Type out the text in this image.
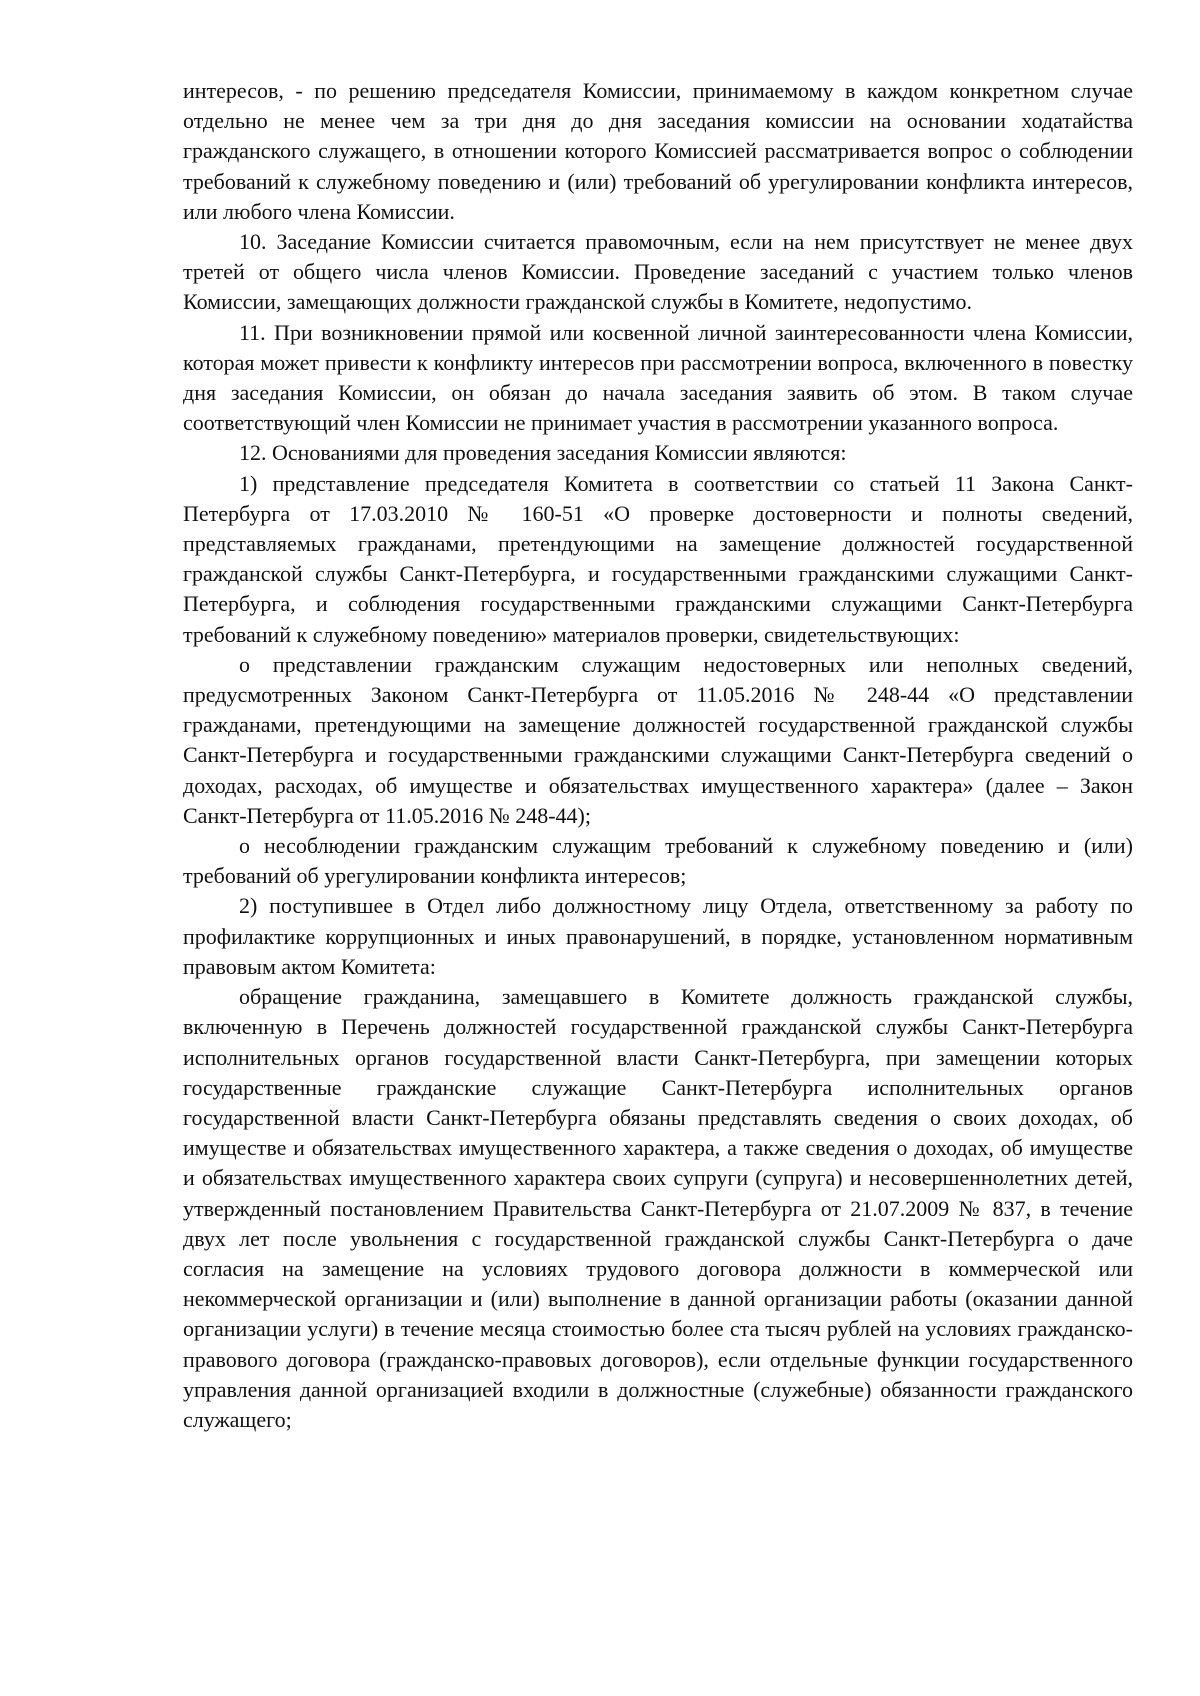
интересов, - по решению председателя Комиссии, принимаемому в каждом конкретном случае отдельно не менее чем за три дня до дня заседания комиссии на основании ходатайства гражданского служащего, в отношении которого Комиссией рассматривается вопрос о соблюдении требований к служебному поведению и (или) требований об урегулировании конфликта интересов, или любого члена Комиссии.

10. Заседание Комиссии считается правомочным, если на нем присутствует не менее двух третей от общего числа членов Комиссии. Проведение заседаний с участием только членов Комиссии, замещающих должности гражданской службы в Комитете, недопустимо.

11. При возникновении прямой или косвенной личной заинтересованности члена Комиссии, которая может привести к конфликту интересов при рассмотрении вопроса, включенного в повестку дня заседания Комиссии, он обязан до начала заседания заявить об этом. В таком случае соответствующий член Комиссии не принимает участия в рассмотрении указанного вопроса.

12. Основаниями для проведения заседания Комиссии являются:

1) представление председателя Комитета в соответствии со статьей 11 Закона Санкт-Петербурга от 17.03.2010 № 160-51 «О проверке достоверности и полноты сведений, представляемых гражданами, претендующими на замещение должностей государственной гражданской службы Санкт-Петербурга, и государственными гражданскими служащими Санкт-Петербурга, и соблюдения государственными гражданскими служащими Санкт-Петербурга требований к служебному поведению» материалов проверки, свидетельствующих:

о представлении гражданским служащим недостоверных или неполных сведений, предусмотренных Законом Санкт-Петербурга от 11.05.2016 № 248-44 «О представлении гражданами, претендующими на замещение должностей государственной гражданской службы Санкт-Петербурга и государственными гражданскими служащими Санкт-Петербурга сведений о доходах, расходах, об имуществе и обязательствах имущественного характера» (далее – Закон Санкт-Петербурга от 11.05.2016 № 248-44);

о несоблюдении гражданским служащим требований к служебному поведению и (или) требований об урегулировании конфликта интересов;

2) поступившее в Отдел либо должностному лицу Отдела, ответственному за работу по профилактике коррупционных и иных правонарушений, в порядке, установленном нормативным правовым актом Комитета:

обращение гражданина, замещавшего в Комитете должность гражданской службы, включенную в Перечень должностей государственной гражданской службы Санкт-Петербурга исполнительных органов государственной власти Санкт-Петербурга, при замещении которых государственные гражданские служащие Санкт-Петербурга исполнительных органов государственной власти Санкт-Петербурга обязаны представлять сведения о своих доходах, об имуществе и обязательствах имущественного характера, а также сведения о доходах, об имуществе и обязательствах имущественного характера своих супруги (супруга) и несовершеннолетних детей, утвержденный постановлением Правительства Санкт-Петербурга от 21.07.2009 № 837, в течение двух лет после увольнения с государственной гражданской службы Санкт-Петербурга о даче согласия на замещение на условиях трудового договора должности в коммерческой или некоммерческой организации и (или) выполнение в данной организации работы (оказании данной организации услуги) в течение месяца стоимостью более ста тысяч рублей на условиях гражданско-правового договора (гражданско-правовых договоров), если отдельные функции государственного управления данной организацией входили в должностные (служебные) обязанности гражданского служащего;
